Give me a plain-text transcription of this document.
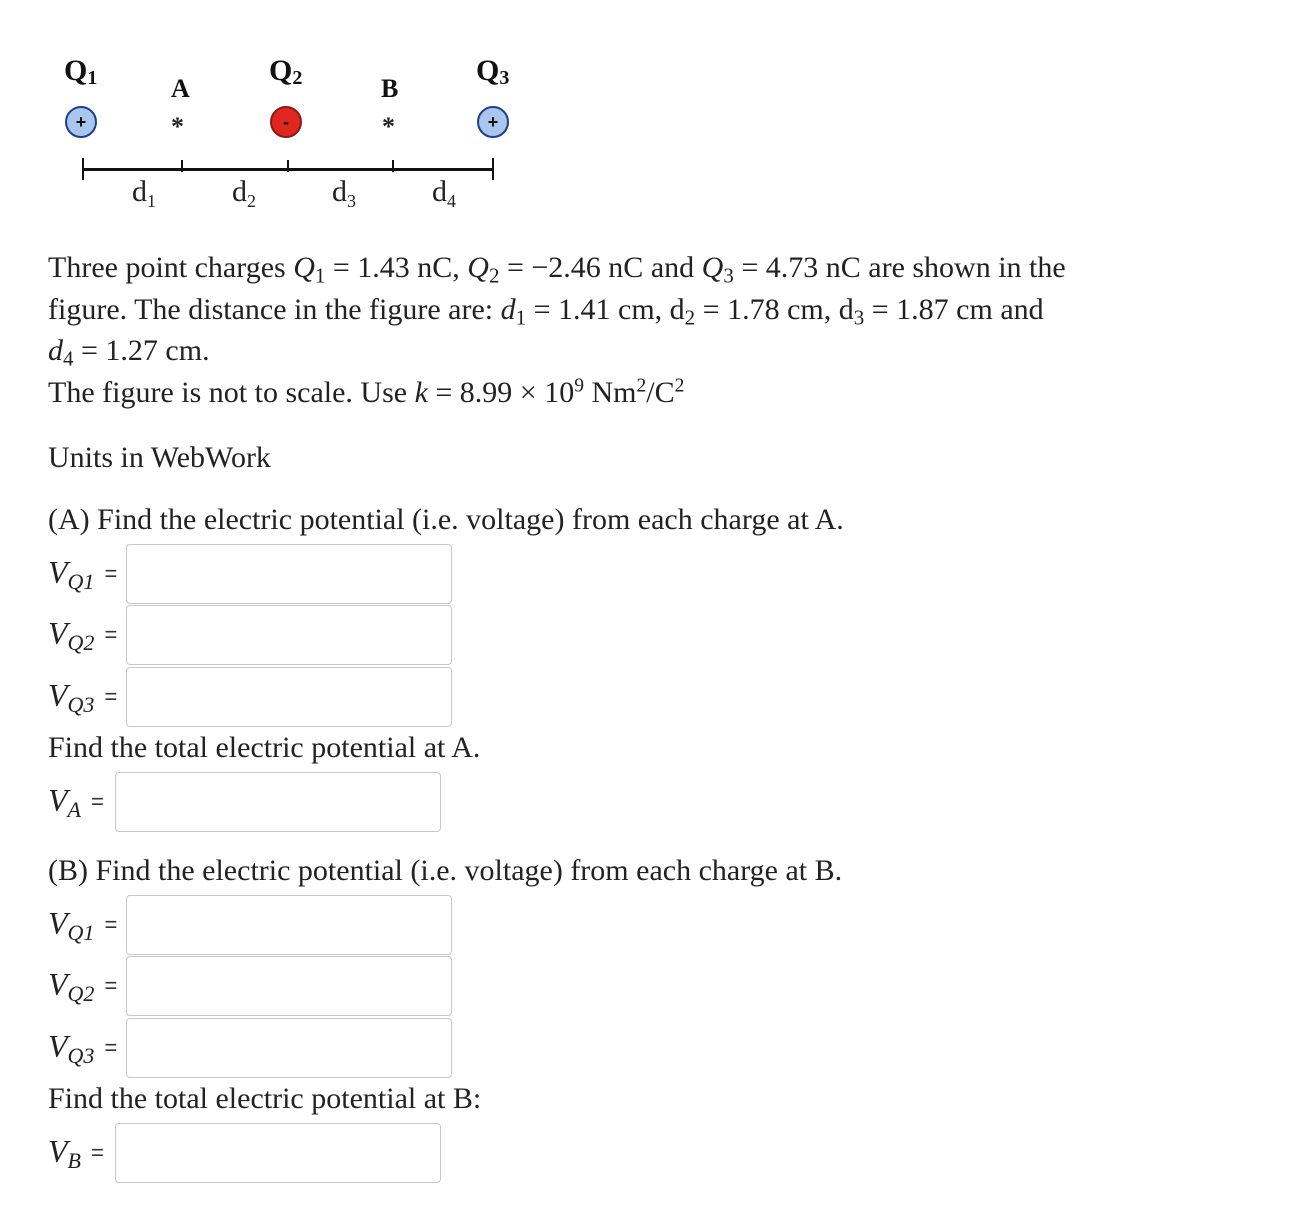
$Q_1$	$Q_2$	$Q_3$
A	B
+	-	+
*	*
$d_1$	$d_2$	$d_3$	$d_4$
Three point charges $Q_1 = 1.43$ nC, $Q_2 = -2.46$ nC and $Q_3 = 4.73$ nC are shown in the
figure. The distance in the figure are: $d_1 = 1.41$ cm, $d_2 = 1.78$ cm, $d_3 = 1.87$ cm and
$d_4 = 1.27$ cm.
The figure is not to scale. Use $k = 8.99 \times 10^9$ $Nm^2/C^2$
Units in WebWork
(A) Find the electric potential (i.e. voltage) from each charge at A.
$V_{Q1}$ =
$V_{Q2}$ =
$V_{Q3}$ =
Find the total electric potential at A.
$V_A$ =
(B) Find the electric potential (i.e. voltage) from each charge at B.
$V_{Q1}$ =
$V_{Q2}$ =
$V_{Q3}$ =
Find the total electric potential at B:
$V_B$ =
